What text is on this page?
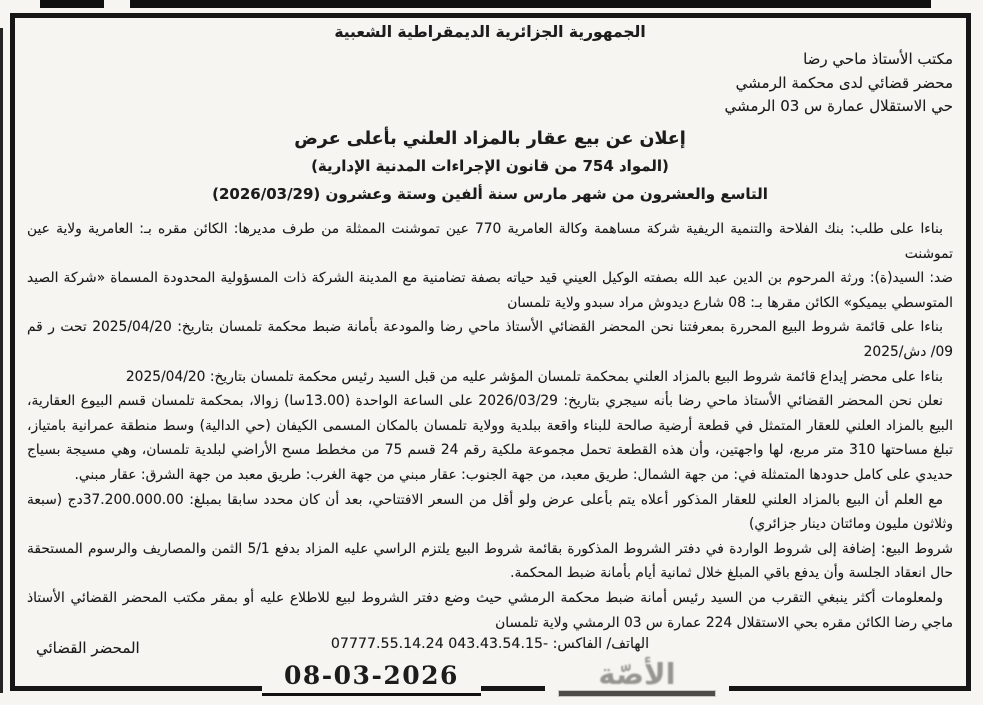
الجمهورية الجزائرية الديمقراطية الشعبية
مكتب الأستاذ ماحي رضا
محضر قضائي لدى محكمة الرمشي
حي الاستقلال عمارة س 03 الرمشي
إعلان عن بيع عقار بالمزاد العلني بأعلى عرض
(المواد 754 من قانون الإجراءات المدنية الإدارية)
التاسع والعشرون من شهر مارس سنة ألفين وستة وعشرون (2026/03/29)

بناءا على طلب: بنك الفلاحة والتنمية الريفية شركة مساهمة وكالة العامرية 770 عين تموشنت الممثلة من طرف مديرها: الكائن مقره بـ: العامرية ولاية عين تموشنت

ضد: السيد(ة): ورثة المرحوم بن الدين عبد الله بصفته الوكيل العيني قيد حياته بصفة تضامنية مع المدينة الشركة ذات المسؤولية المحدودة المسماة «شركة الصيد المتوسطي بيميكو» الكائن مقرها بـ: 08 شارع ديدوش مراد سبدو ولاية تلمسان

بناءا على قائمة شروط البيع المحررة بمعرفتنا نحن المحضر القضائي الأستاذ ماحي رضا والمودعة بأمانة ضبط محكمة تلمسان بتاريخ: 2025/04/20 تحت ر قم 09/ دش/2025

بناءا على محضر إيداع قائمة شروط البيع بالمزاد العلني بمحكمة تلمسان المؤشر عليه من قبل السيد رئيس محكمة تلمسان بتاريخ: 2025/04/20

نعلن نحن المحضر القضائي الأستاذ ماحي رضا بأنه سيجري بتاريخ: 2026/03/29 على الساعة الواحدة (13.00سا) زوالا، بمحكمة تلمسان قسم البيوع العقارية، البيع بالمزاد العلني للعقار المتمثل في قطعة أرضية صالحة للبناء واقعة ببلدية وولاية تلمسان بالمكان المسمى الكيفان (حي الدالية) وسط منطقة عمرانية بامتياز، تبلغ مساحتها 310 متر مربع، لها واجهتين، وأن هذه القطعة تحمل مجموعة ملكية رقم 24 قسم 75 من مخطط مسح الأراضي لبلدية تلمسان، وهي مسيجة بسياج حديدي على كامل حدودها المتمثلة في: من جهة الشمال: طريق معبد، من جهة الجنوب: عقار مبني من جهة الغرب: طريق معبد من جهة الشرق: عقار مبني.

مع العلم أن البيع بالمزاد العلني للعقار المذكور أعلاه يتم بأعلى عرض ولو أقل من السعر الافتتاحي، بعد أن كان محدد سابقا بمبلغ: 37.200.000.00دج (سبعة وثلاثون مليون ومائتان دينار جزائري)

شروط البيع: إضافة إلى شروط الواردة في دفتر الشروط المذكورة بقائمة شروط البيع يلتزم الراسي عليه المزاد بدفع 5/1 الثمن والمصاريف والرسوم المستحقة حال انعقاد الجلسة وأن يدفع باقي المبلغ خلال ثمانية أيام بأمانة ضبط المحكمة.

ولمعلومات أكثر ينبغي التقرب من السيد رئيس أمانة ضبط محكمة الرمشي حيث وضع دفتر الشروط لبيع للاطلاع عليه أو بمقر مكتب المحضر القضائي الأستاذ ماجي رضا الكائن مقره بحي الاستقلال 224 عمارة س 03 الرمشي ولاية تلمسان

الهاتف/ الفاكس: 07777.55.14.24 043.43.54.15-
المحضر القضائي
08-03-2026	الأصّة
